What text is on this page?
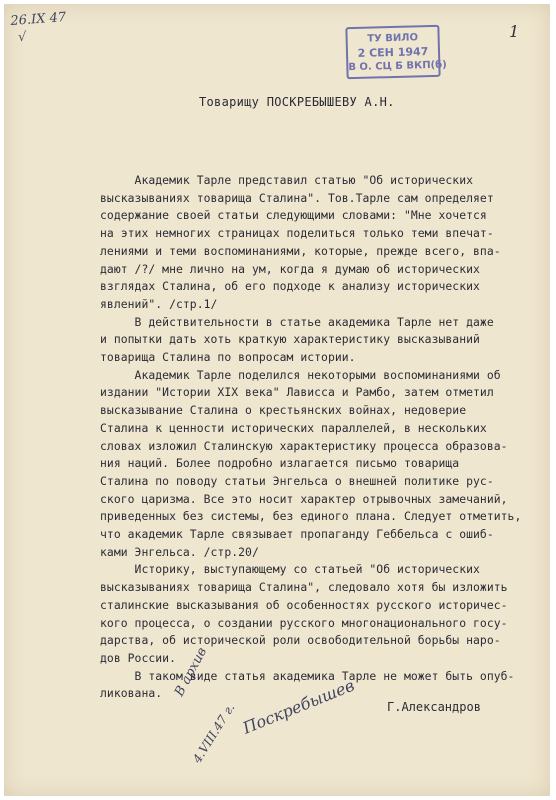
26.IX 47
√	1
ТУ ВИЛО
2 СЕН 1947
В О. СЦ Б ВКП(б)
Товарищу ПОСКРЕБЫШЕВУ А.Н.
Академик Тарле представил статью "Об исторических
высказываниях товарища Сталина". Тов.Тарле сам определяет
содержание своей статьи следующими словами: "Мне хочется
на этих немногих страницах поделиться только теми впечат-
лениями и теми воспоминаниями, которые, прежде всего, впа-
дают /?/ мне лично на ум, когда я думаю об исторических
взглядах Сталина, об его подходе к анализу исторических
явлений". /стр.1/
В действительности в статье академика Тарле нет даже
и попытки дать хоть краткую характеристику высказываний
товарища Сталина по вопросам истории.
Академик Тарле поделился некоторыми воспоминаниями об
издании "Истории XIX века" Лависса и Рамбо, затем отметил
высказывание Сталина о крестьянских войнах, недоверие
Сталина к ценности исторических параллелей, в нескольких
словах изложил Сталинскую характеристику процесса образова-
ния наций. Более подробно излагается письмо товарища
Сталина по поводу статьи Энгельса о внешней политике рус-
ского царизма. Все это носит характер отрывочных замечаний,
приведенных без системы, без единого плана. Следует отметить,
что академик Тарле связывает пропаганду Геббельса с ошиб-
ками Энгельса. /стр.20/
Историку, выступающему со статьей "Об исторических
высказываниях товарища Сталина", следовало хотя бы изложить
сталинские высказывания об особенностях русского историчес-
кого процесса, о создании русского многонационального госу-
дарства, об исторической роли освободительной борьбы наро-
дов России.
В таком виде статья академика Тарле не может быть опуб-
ликована. В архив
4.VIII.47 г. Поскребышев Г.Александров
